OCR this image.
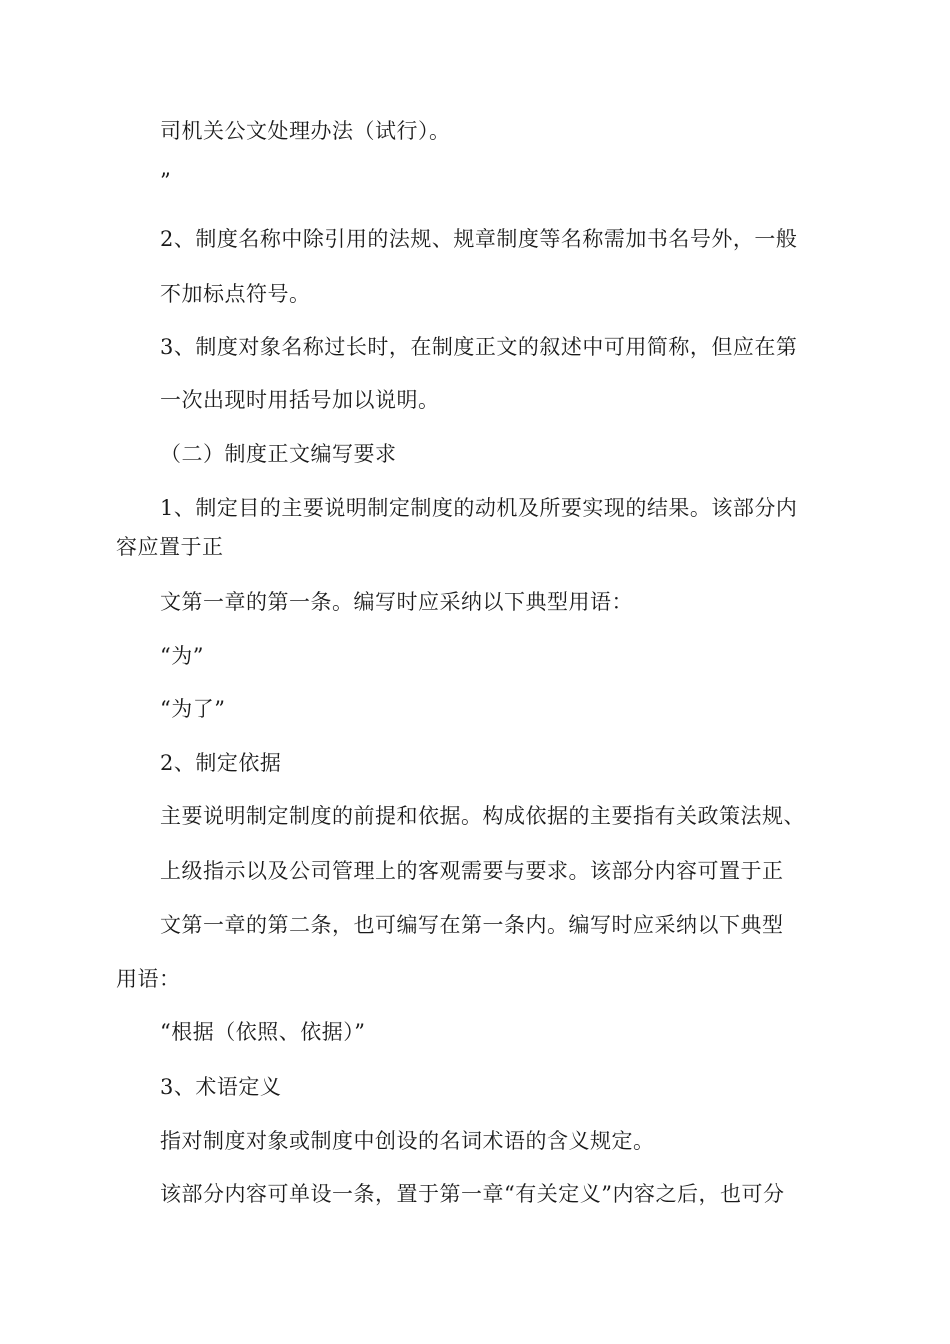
司机关公文处理办法（试行）。
”
2、制度名称中除引用的法规、规章制度等名称需加书名号外，一般
不加标点符号。
3、制度对象名称过长时，在制度正文的叙述中可用简称，但应在第
一次出现时用括号加以说明。
（二）制度正文编写要求
1、制定目的主要说明制定制度的动机及所要实现的结果。该部分内
容应置于正
文第一章的第一条。编写时应采纳以下典型用语：
“为”
“为了”
2、制定依据
主要说明制定制度的前提和依据。构成依据的主要指有关政策法规、
上级指示以及公司管理上的客观需要与要求。该部分内容可置于正
文第一章的第二条，也可编写在第一条内。编写时应采纳以下典型
用语：
“根据（依照、依据）”
3、术语定义
指对制度对象或制度中创设的名词术语的含义规定。
该部分内容可单设一条，置于第一章“有关定义”内容之后，也可分
